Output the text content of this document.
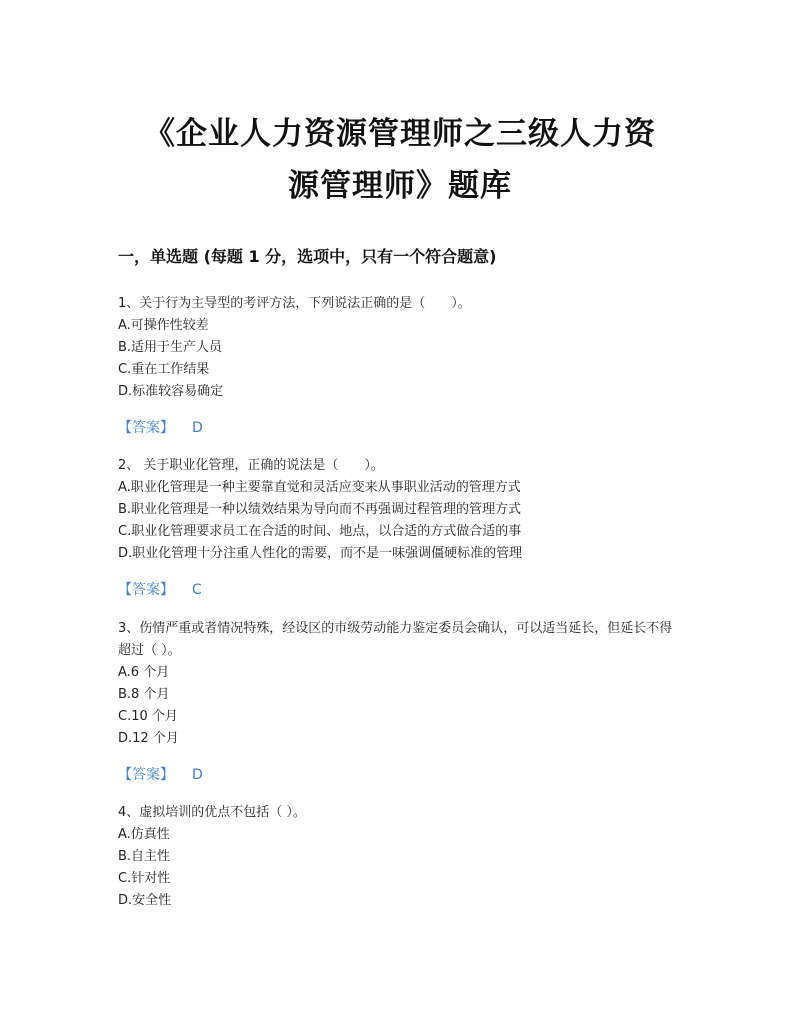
《企业人力资源管理师之三级人力资
源管理师》题库
一，单选题 (每题 1 分，选项中，只有一个符合题意)
1、关于行为主导型的考评方法，下列说法正确的是（　　）。
A.可操作性较差
B.适用于生产人员
C.重在工作结果
D.标准较容易确定
【答案】 D
2、 关于职业化管理，正确的说法是（　　）。
A.职业化管理是一种主要靠直觉和灵活应变来从事职业活动的管理方式
B.职业化管理是一种以绩效结果为导向而不再强调过程管理的管理方式
C.职业化管理要求员工在合适的时间、地点，以合适的方式做合适的事
D.职业化管理十分注重人性化的需要，而不是一味强调僵硬标准的管理
【答案】 C
3、伤情严重或者情况特殊，经设区的市级劳动能力鉴定委员会确认，可以适当延长，但延长不得超过（ ）。
A.6 个月
B.8 个月
C.10 个月
D.12 个月
【答案】 D
4、虚拟培训的优点不包括（ ）。
A.仿真性
B.自主性
C.针对性
D.安全性
